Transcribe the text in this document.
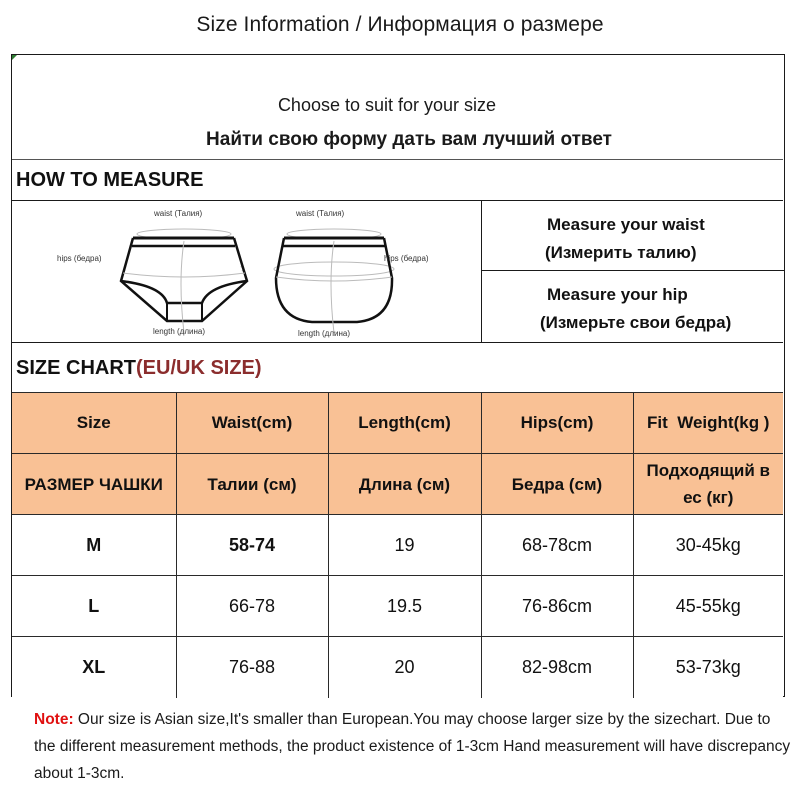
Size Information / Информация о размере
Choose to suit for your size
Найти свою форму дать вам лучший ответ
HOW TO MEASURE
waist (Талия)	waist (Талия)
hips (бедра)	hips (бедра)
length (длина)	length (длина)
Measure your waist
(Измерить талию)
Measure your hip
(Измерьте свои бедра)
SIZE CHART(EU/UK SIZE)
Size	Waist(cm)	Length(cm)	Hips(cm)	Fit  Weight(kg )
РАЗМЕР ЧАШКИ	Талии (см)	Длина (см)	Бедра (см)	Подходящий в ес (кг)
M	58-74	19	68-78cm	30-45kg
L	66-78	19.5	76-86cm	45-55kg
XL	76-88	20	82-98cm	53-73kg
Note: Our size is Asian size,It's smaller than European.You may choose larger size by the sizechart. Due to the different measurement methods, the product existence of 1-3cm Hand measurement will have discrepancy about 1-3cm.
